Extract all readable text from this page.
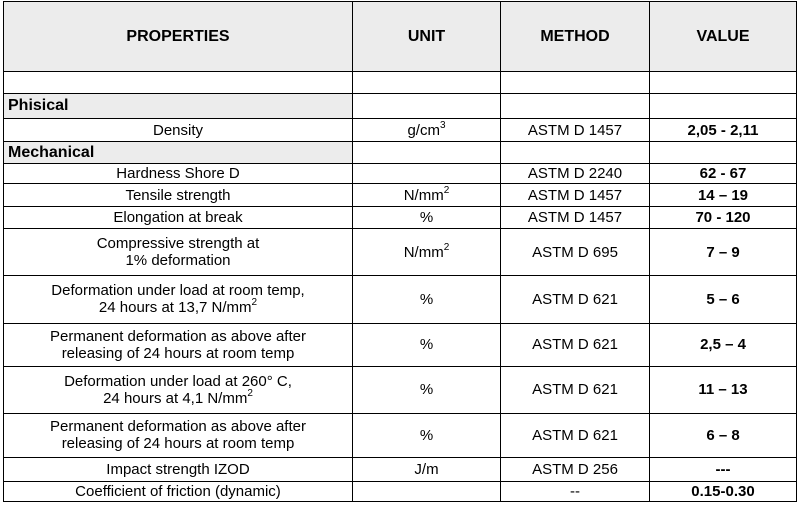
PROPERTIES	UNIT	METHOD	VALUE

Phisical			
Density	$g/cm^3$	ASTM D 1457	2,05 - 2,11
Mechanical			
Hardness Shore D		ASTM D 2240	62 - 67
Tensile strength	$N/mm^2$	ASTM D 1457	14 – 19
Elongation at break	%	ASTM D 1457	70 - 120
Compressive strength at
1% deformation	$N/mm^2$	ASTM D 695	7 – 9
Deformation under load at room temp,
24 hours at 13,7 $N/mm^2$	%	ASTM D 621	5 – 6
Permanent deformation as above after
releasing of 24 hours at room temp	%	ASTM D 621	2,5 – 4
Deformation under load at 260° C,
24 hours at 4,1 $N/mm^2$	%	ASTM D 621	11 – 13
Permanent deformation as above after
releasing of 24 hours at room temp	%	ASTM D 621	6 – 8
Impact strength IZOD	J/m	ASTM D 256	---
Coefficient of friction (dynamic)		--	0.15-0.30
